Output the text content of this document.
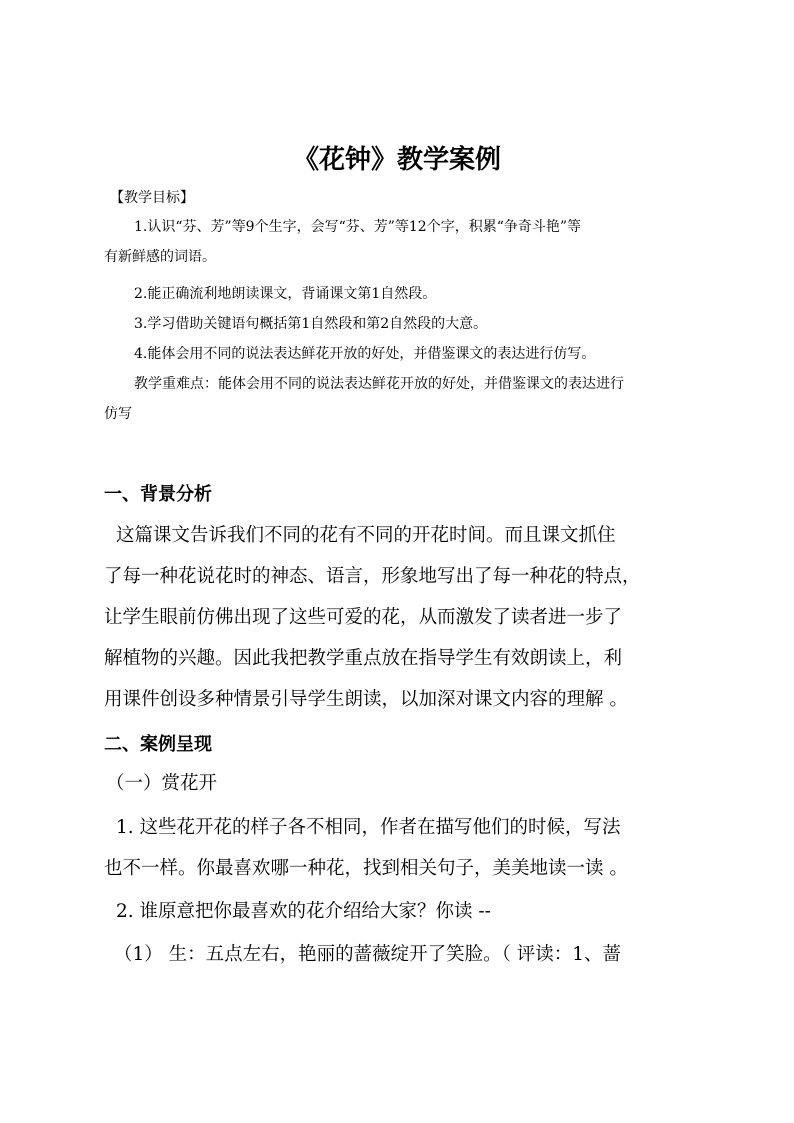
《花钟》教学案例
【教学目标】
1.认识“芬、芳”等9个生字，会写“芬、芳”等12个字，积累“争奇斗艳”等
有新鲜感的词语。
2.能正确流利地朗读课文，背诵课文第1自然段。
3.学习借助关键语句概括第1自然段和第2自然段的大意。
4.能体会用不同的说法表达鲜花开放的好处，并借鉴课文的表达进行仿写。
教学重难点：能体会用不同的说法表达鲜花开放的好处，并借鉴课文的表达进行
仿写
一、背景分析
这篇课文告诉我们不同的花有不同的开花时间。而且课文抓住
了每一种花说花时的神态、语言，形象地写出了每一种花的特点，
让学生眼前仿佛出现了这些可爱的花，从而激发了读者进一步了
解植物的兴趣。因此我把教学重点放在指导学生有效朗读上，利
用课件创设多种情景引导学生朗读，以加深对课文内容的理解 。
二、案例呈现
（一）赏花开
1. 这些花开花的样子各不相同，作者在描写他们的时候，写法
也不一样。你最喜欢哪一种花，找到相关句子，美美地读一读 。
2. 谁原意把你最喜欢的花介绍给大家？你读 --
（1） 生：五点左右，艳丽的蔷薇绽开了笑脸。（ 评读：1、蔷
